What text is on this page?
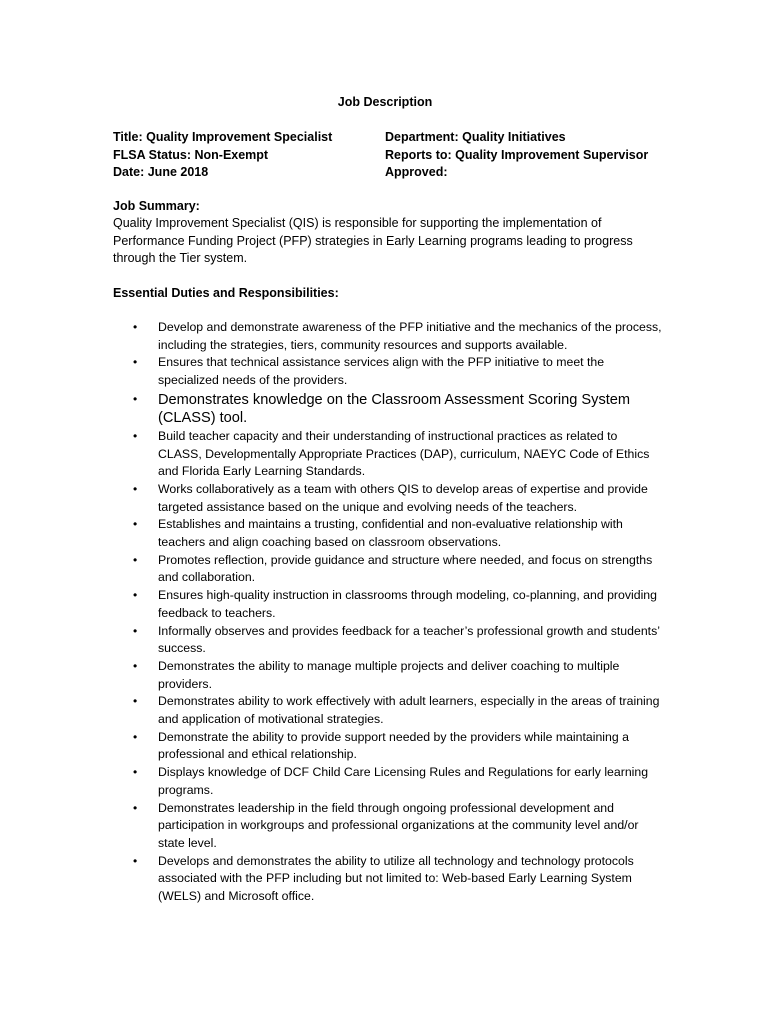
Job Description
Title: Quality Improvement Specialist
FLSA Status: Non-Exempt
Date: June 2018
Department: Quality Initiatives
Reports to: Quality Improvement Supervisor
Approved:
Job Summary:
Quality Improvement Specialist (QIS) is responsible for supporting the implementation of Performance Funding Project (PFP) strategies in Early Learning programs leading to progress through the Tier system.
Essential Duties and Responsibilities:
• Develop and demonstrate awareness of the PFP initiative and the mechanics of the process, including the strategies, tiers, community resources and supports available.
• Ensures that technical assistance services align with the PFP initiative to meet the specialized needs of the providers.
• Demonstrates knowledge on the Classroom Assessment Scoring System (CLASS) tool.
• Build teacher capacity and their understanding of instructional practices as related to CLASS, Developmentally Appropriate Practices (DAP), curriculum, NAEYC Code of Ethics and Florida Early Learning Standards.
• Works collaboratively as a team with others QIS to develop areas of expertise and provide targeted assistance based on the unique and evolving needs of the teachers.
• Establishes and maintains a trusting, confidential and non-evaluative relationship with teachers and align coaching based on classroom observations.
• Promotes reflection, provide guidance and structure where needed, and focus on strengths and collaboration.
• Ensures high-quality instruction in classrooms through modeling, co-planning, and providing feedback to teachers.
• Informally observes and provides feedback for a teacher’s professional growth and students’ success.
• Demonstrates the ability to manage multiple projects and deliver coaching to multiple providers.
• Demonstrates ability to work effectively with adult learners, especially in the areas of training and application of motivational strategies.
• Demonstrate the ability to provide support needed by the providers while maintaining a professional and ethical relationship.
• Displays knowledge of DCF Child Care Licensing Rules and Regulations for early learning programs.
• Demonstrates leadership in the field through ongoing professional development and participation in workgroups and professional organizations at the community level and/or state level.
• Develops and demonstrates the ability to utilize all technology and technology protocols associated with the PFP including but not limited to: Web-based Early Learning System (WELS) and Microsoft office.
